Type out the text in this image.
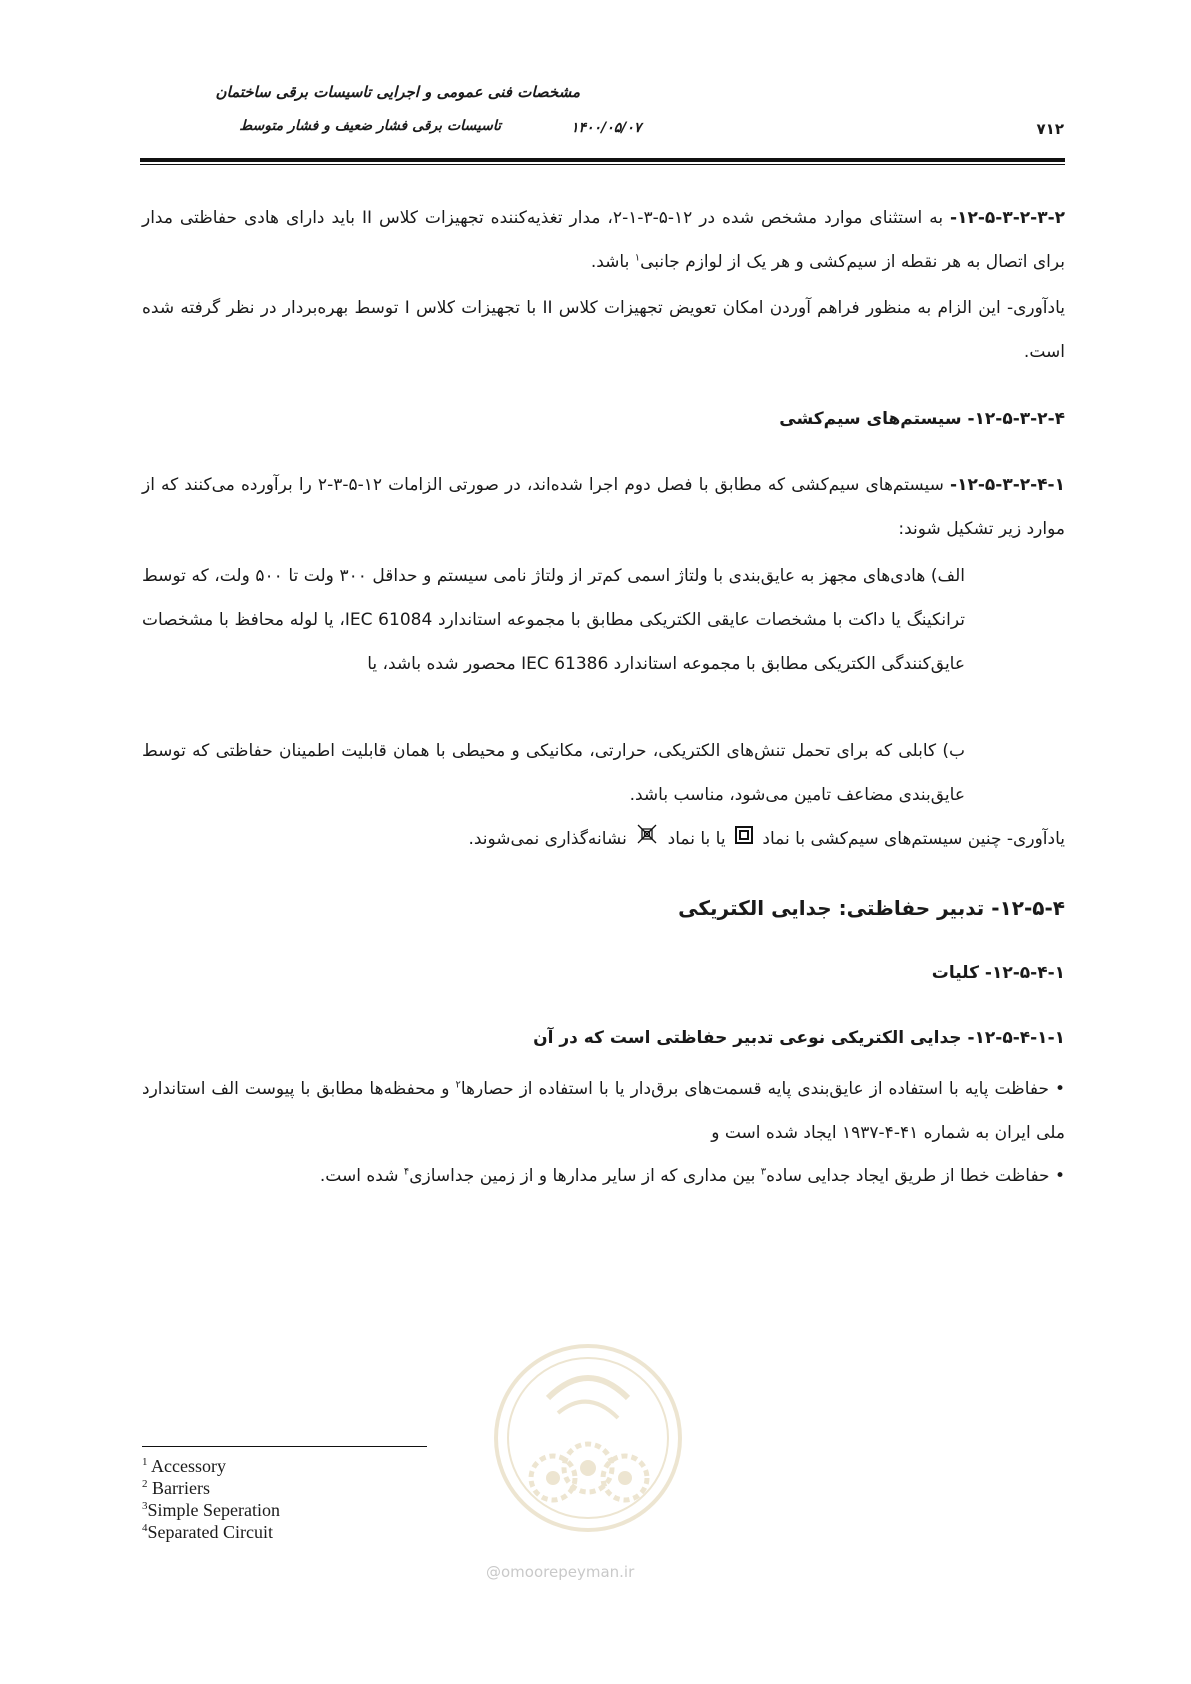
مشخصات فنی عمومی و اجرایی تاسیسات برقی ساختمان
تاسیسات برقی فشار ضعیف و فشار متوسط	۱۴۰۰/۰۵/۰۷	۷۱۲

۱۲-۵-۳-۲-۳-۲- به استثنای موارد مشخص شده در ۱۲-۵-۳-۱-۲، مدار تغذیه‌کننده تجهیزات کلاس II باید دارای هادی حفاظتی مدار برای اتصال به هر نقطه از سیم‌کشی و هر یک از لوازم جانبی$^۱$ باشد.

یادآوری- این الزام به منظور فراهم آوردن امکان تعویض تجهیزات کلاس II با تجهیزات کلاس I توسط بهره‌بردار در نظر گرفته شده است.

۱۲-۵-۳-۲-۴- سیستم‌های سیم‌کشی

۱۲-۵-۳-۲-۴-۱- سیستم‌های سیم‌کشی که مطابق با فصل دوم اجرا شده‌اند، در صورتی الزامات ۱۲-۵-۳-۲ را برآورده می‌کنند که از موارد زیر تشکیل شوند:

الف) هادی‌های مجهز به عایق‌بندی با ولتاژ اسمی کم‌تر از ولتاژ نامی سیستم و حداقل ۳۰۰ ولت تا ۵۰۰ ولت، که توسط ترانکینگ یا داکت با مشخصات عایقی الکتریکی مطابق با مجموعه استاندارد IEC 61084، یا لوله محافظ با مشخصات عایق‌کنندگی الکتریکی مطابق با مجموعه استاندارد IEC 61386 محصور شده باشد، یا
ب) کابلی که برای تحمل تنش‌های الکتریکی، حرارتی، مکانیکی و محیطی با همان قابلیت اطمینان حفاظتی که توسط عایق‌بندی مضاعف تامین می‌شود، مناسب باشد.

یادآوری- چنین سیستم‌های سیم‌کشی با نماد  یا با نماد  نشانه‌گذاری نمی‌شوند.

۱۲-۵-۴- تدبیر حفاظتی: جدایی الکتریکی
۱۲-۵-۴-۱- کلیات
۱۲-۵-۴-۱-۱- جدایی الکتریکی نوعی تدبیر حفاظتی است که در آن

• حفاظت پایه با استفاده از عایق‌بندی پایه قسمت‌های برق‌دار یا با استفاده از حصارها$^۲$ و محفظه‌ها مطابق با پیوست الف استاندارد ملی ایران به شماره ۴۱-۴-۱۹۳۷ ایجاد شده است و

• حفاظت خطا از طریق ایجاد جدایی ساده$^۳$ بین مداری که از سایر مدارها و از زمین جداسازی$^۴$ شده است.

@omoorepeyman.ir
$^1$ Accessory
$^2$ Barriers
$^3$Simple Seperation
$^4$Separated Circuit
